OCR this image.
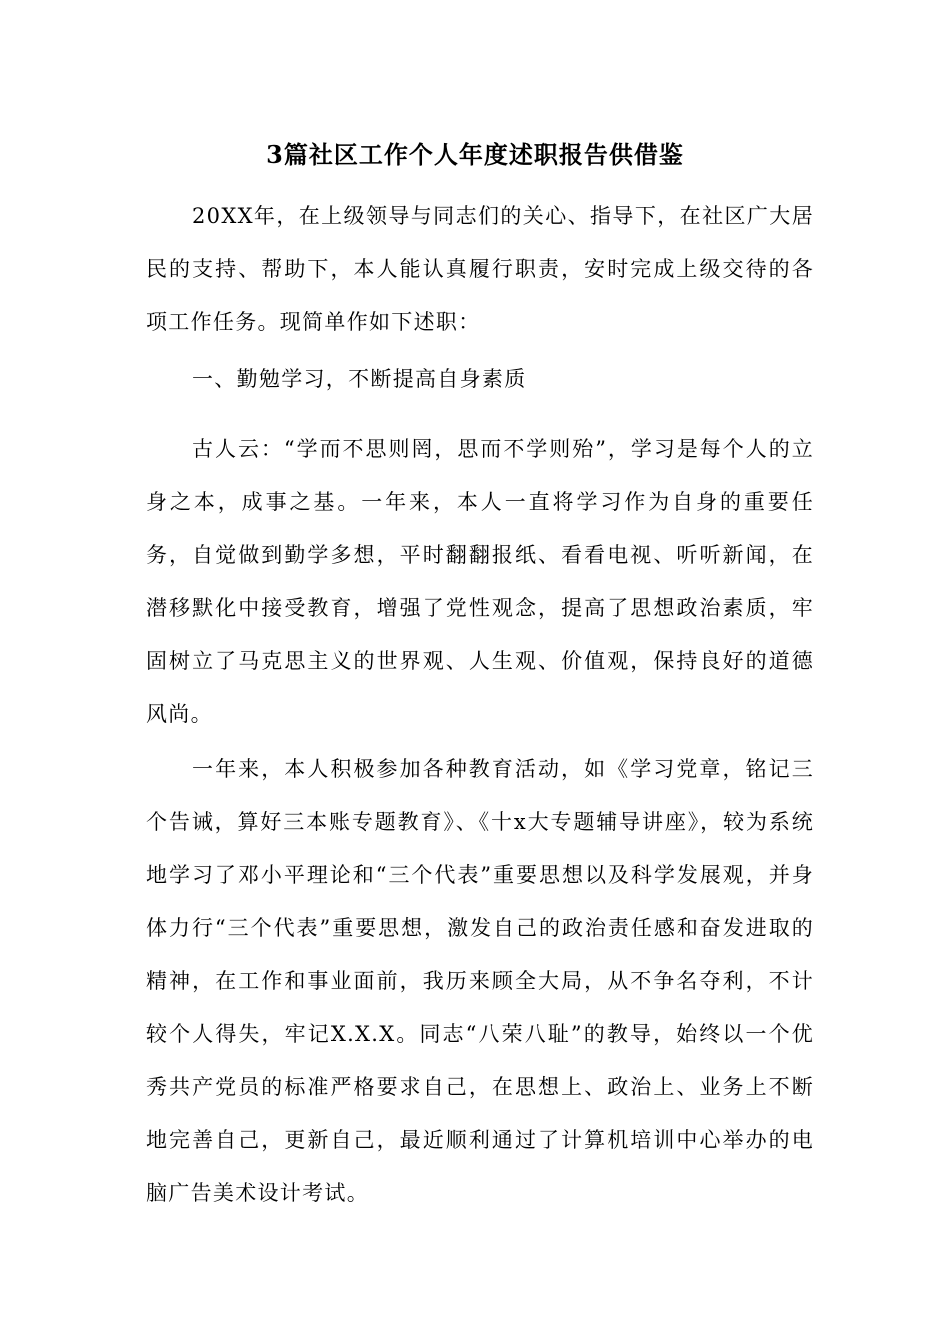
3篇社区工作个人年度述职报告供借鉴

20XX年，在上级领导与同志们的关心、指导下，在社区广大居民的支持、帮助下，本人能认真履行职责，安时完成上级交待的各项工作任务。现简单作如下述职：

一、勤勉学习，不断提高自身素质

古人云：“学而不思则罔，思而不学则殆”，学习是每个人的立身之本，成事之基。一年来，本人一直将学习作为自身的重要任务，自觉做到勤学多想，平时翻翻报纸、看看电视、听听新闻，在潜移默化中接受教育，增强了党性观念，提高了思想政治素质，牢固树立了马克思主义的世界观、人生观、价值观，保持良好的道德风尚。

一年来，本人积极参加各种教育活动，如《学习党章，铭记三个告诫，算好三本账专题教育》、《十x大专题辅导讲座》，较为系统地学习了邓小平理论和“三个代表”重要思想以及科学发展观，并身体力行“三个代表”重要思想，激发自己的政治责任感和奋发进取的精神，在工作和事业面前，我历来顾全大局，从不争名夺利，不计较个人得失，牢记X.X.X。同志“八荣八耻”的教导，始终以一个优秀共产党员的标准严格要求自己，在思想上、政治上、业务上不断地完善自己，更新自己，最近顺利通过了计算机培训中心举办的电脑广告美术设计考试。
